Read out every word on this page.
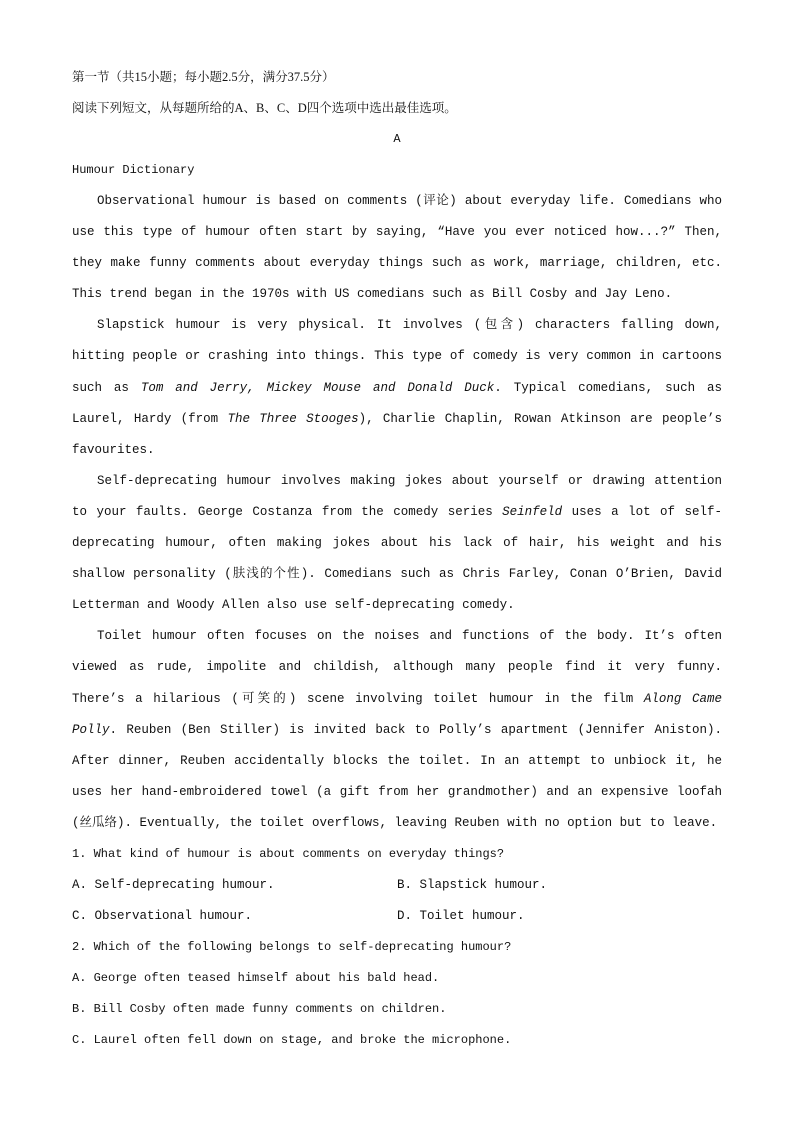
第一节（共15小题；每小题2.5分，满分37.5分）
阅读下列短文，从每题所给的A、B、C、D四个选项中选出最佳选项。
A
Humour Dictionary

Observational humour is based on comments (评论) about everyday life. Comedians who use this type of humour often start by saying, “Have you ever noticed how...?” Then, they make funny comments about everyday things such as work, marriage, children, etc. This trend began in the 1970s with US comedians such as Bill Cosby and Jay Leno.

Slapstick humour is very physical. It involves (包含) characters falling down, hitting people or crashing into things. This type of comedy is very common in cartoons such as Tom and Jerry, Mickey Mouse and Donald Duck. Typical comedians, such as Laurel, Hardy (from The Three Stooges), Charlie Chaplin, Rowan Atkinson are people’s favourites.

Self-deprecating humour involves making jokes about yourself or drawing attention to your faults. George Costanza from the comedy series Seinfeld uses a lot of self-deprecating humour, often making jokes about his lack of hair, his weight and his shallow personality (肤浅的个性). Comedians such as Chris Farley, Conan O’Brien, David Letterman and Woody Allen also use self-deprecating comedy.

Toilet humour often focuses on the noises and functions of the body. It’s often viewed as rude, impolite and childish, although many people find it very funny. There’s a hilarious (可笑的) scene involving toilet humour in the film Along Came Polly. Reuben (Ben Stiller) is invited back to Polly’s apartment (Jennifer Aniston). After dinner, Reuben accidentally blocks the toilet. In an attempt to unbiock it, he uses her hand-embroidered towel (a gift from her grandmother) and an expensive loofah (丝瓜络). Eventually, the toilet overflows, leaving Reuben with no option but to leave.

1. What kind of humour is about comments on everyday things?
A. Self-deprecating humour.	B. Slapstick humour.
C. Observational humour.	D. Toilet humour.
2. Which of the following belongs to self-deprecating humour?
A. George often teased himself about his bald head.
B. Bill Cosby often made funny comments on children.
C. Laurel often fell down on stage, and broke the microphone.
